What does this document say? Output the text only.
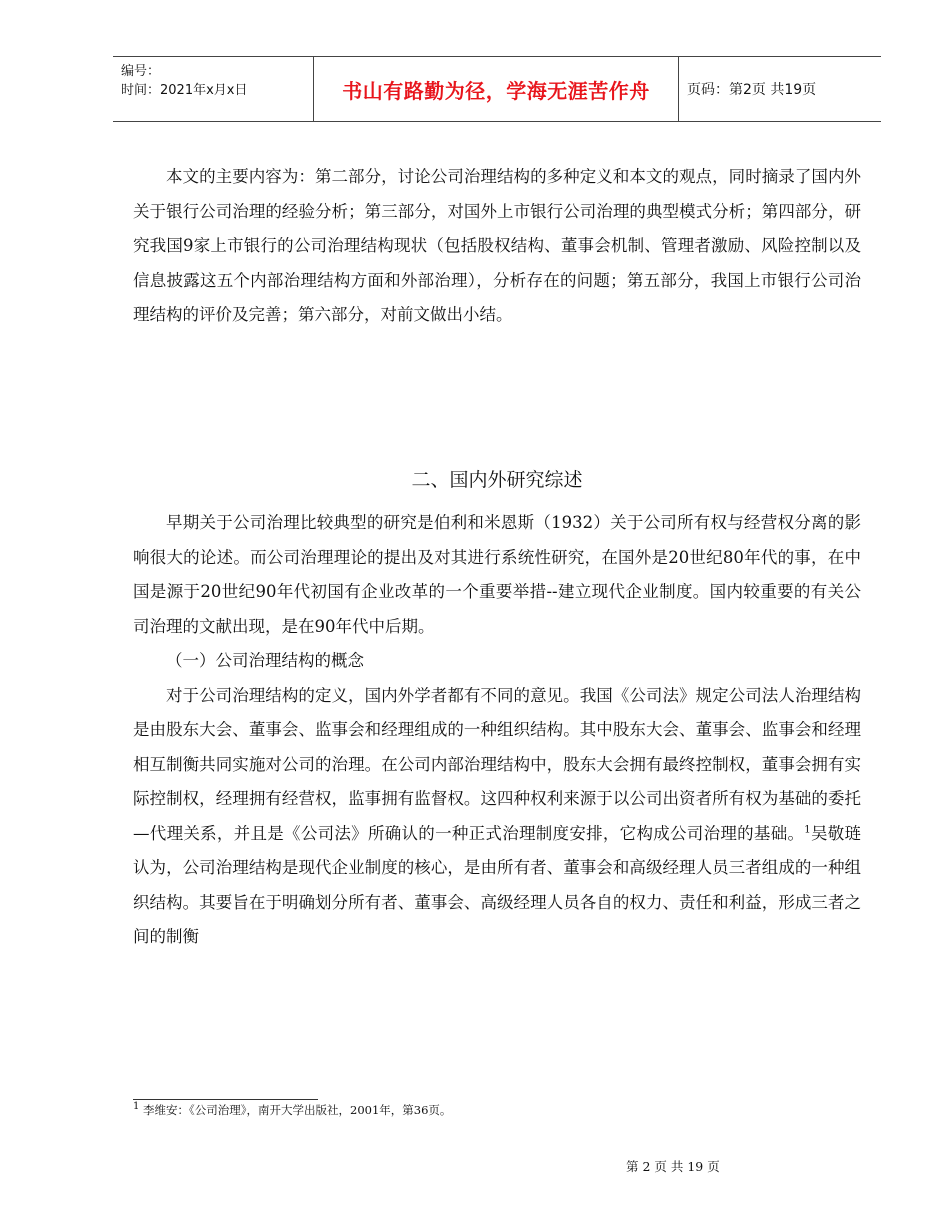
编号：
时间：2021年x月x日	书山有路勤为径，学海无涯苦作舟	页码：第2页 共19页

本文的主要内容为：第二部分，讨论公司治理结构的多种定义和本文的观点，同时摘录了国内外关于银行公司治理的经验分析；第三部分，对国外上市银行公司治理的典型模式分析；第四部分，研究我国9家上市银行的公司治理结构现状（包括股权结构、董事会机制、管理者激励、风险控制以及信息披露这五个内部治理结构方面和外部治理），分析存在的问题；第五部分，我国上市银行公司治理结构的评价及完善；第六部分，对前文做出小结。

二、国内外研究综述

早期关于公司治理比较典型的研究是伯利和米恩斯（1932）关于公司所有权与经营权分离的影响很大的论述。而公司治理理论的提出及对其进行系统性研究，在国外是20世纪80年代的事，在中国是源于20世纪90年代初国有企业改革的一个重要举措--建立现代企业制度。国内较重要的有关公司治理的文献出现，是在90年代中后期。

（一）公司治理结构的概念

对于公司治理结构的定义，国内外学者都有不同的意见。我国《公司法》规定公司法人治理结构是由股东大会、董事会、监事会和经理组成的一种组织结构。其中股东大会、董事会、监事会和经理相互制衡共同实施对公司的治理。在公司内部治理结构中，股东大会拥有最终控制权，董事会拥有实际控制权，经理拥有经营权，监事拥有监督权。这四种权利来源于以公司出资者所有权为基础的委托—代理关系，并且是《公司法》所确认的一种正式治理制度安排，它构成公司治理的基础。$^1$吴敬琏认为，公司治理结构是现代企业制度的核心，是由所有者、董事会和高级经理人员三者组成的一种组织结构。其要旨在于明确划分所有者、董事会、高级经理人员各自的权力、责任和利益，形成三者之间的制衡

1 李维安：《公司治理》，南开大学出版社，2001年，第36页。
第 2 页 共 19 页
